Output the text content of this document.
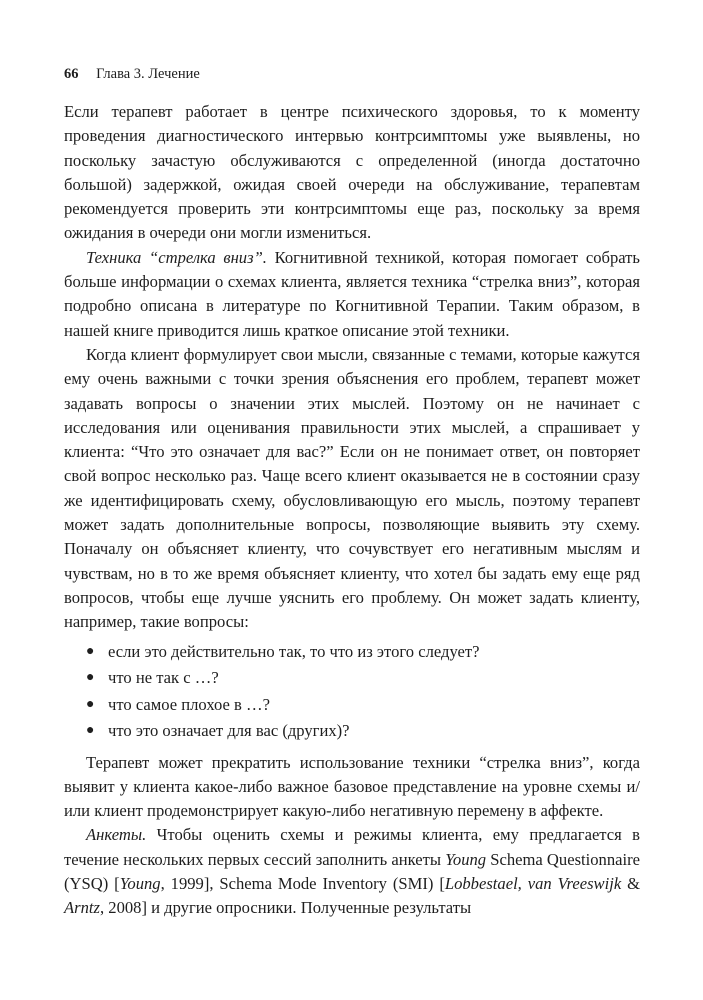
66 Глава 3. Лечение

Если терапевт работает в центре психического здоровья, то к моменту проведения диагностического интервью контрсимптомы уже выявлены, но поскольку зачастую обслуживаются с определенной (иногда достаточно большой) задержкой, ожидая своей очереди на обслуживание, терапевтам рекомендуется проверить эти контрсимптомы еще раз, поскольку за время ожидания в очереди они могли измениться.

Техника “стрелка вниз”. Когнитивной техникой, которая помогает собрать больше информации о схемах клиента, является техника “стрелка вниз”, которая подробно описана в литературе по Когнитивной Терапии. Таким образом, в нашей книге приводится лишь краткое описание этой техники.

Когда клиент формулирует свои мысли, связанные с темами, которые кажутся ему очень важными с точки зрения объяснения его проблем, терапевт может задавать вопросы о значении этих мыслей. Поэтому он не начинает с исследования или оценивания правильности этих мыслей, а спрашивает у клиента: “Что это означает для вас?” Если он не понимает ответ, он повторяет свой вопрос несколько раз. Чаще всего клиент оказывается не в состоянии сразу же идентифицировать схему, обусловливающую его мысль, поэтому терапевт может задать дополнительные вопросы, позволяющие выявить эту схему. Поначалу он объясняет клиенту, что сочувствует его негативным мыслям и чувствам, но в то же время объясняет клиенту, что хотел бы задать ему еще ряд вопросов, чтобы еще лучше уяснить его проблему. Он может задать клиенту, например, такие вопросы:

● если это действительно так, то что из этого следует?
● что не так с …?
● что самое плохое в …?
● что это означает для вас (других)?

Терапевт может прекратить использование техники “стрелка вниз”, когда выявит у клиента какое-либо важное базовое представление на уровне схемы и/или клиент продемонстрирует какую-либо негативную перемену в аффекте.

Анкеты. Чтобы оценить схемы и режимы клиента, ему предлагается в течение нескольких первых сессий заполнить анкеты Young Schema Questionnaire (YSQ) [Young, 1999], Schema Mode Inventory (SMI) [Lobbestael, van Vreeswijk & Arntz, 2008] и другие опросники. Полученные результаты
